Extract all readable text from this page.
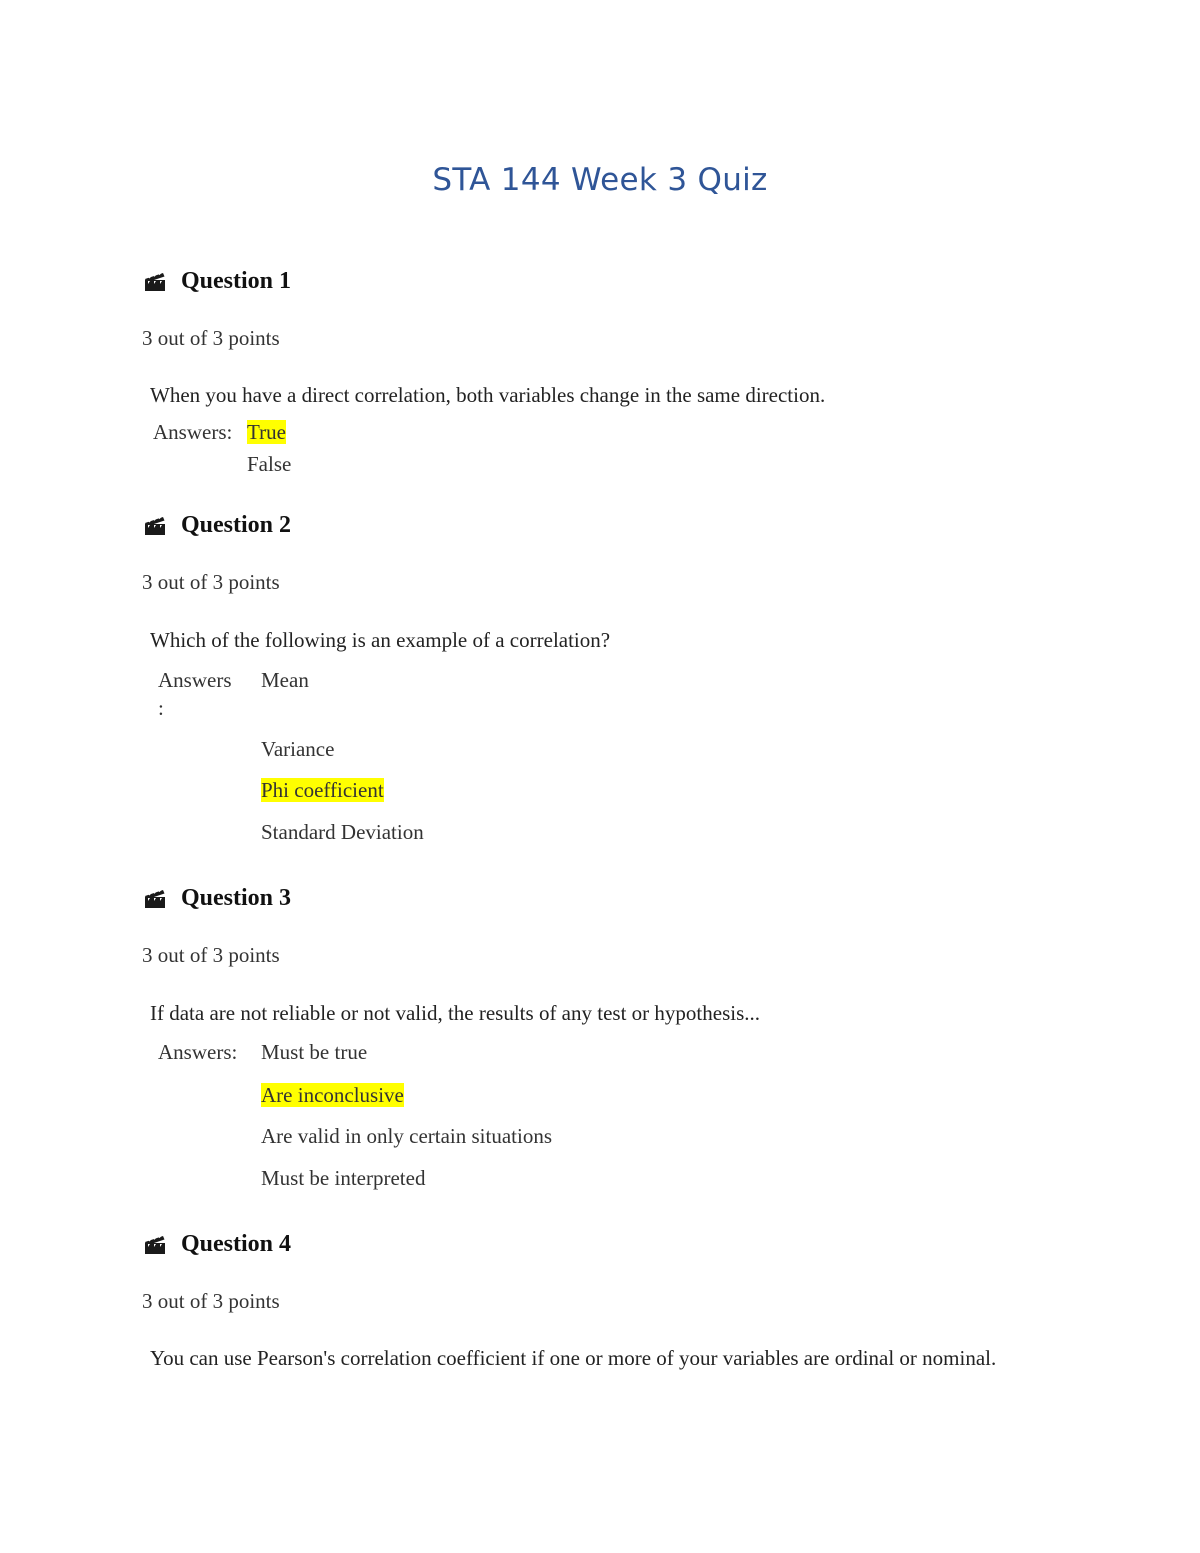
STA 144 Week 3 Quiz
Question 1
3 out of 3 points
When you have a direct correlation, both variables change in the same direction.
Answers: True
False
Question 2
3 out of 3 points
Which of the following is an example of a correlation?
Answers
:
Mean
Variance
Phi coefficient
Standard Deviation
Question 3
3 out of 3 points
If data are not reliable or not valid, the results of any test or hypothesis...
Answers: Must be true
Are inconclusive
Are valid in only certain situations
Must be interpreted
Question 4
3 out of 3 points
You can use Pearson's correlation coefficient if one or more of your variables are ordinal or nominal.
